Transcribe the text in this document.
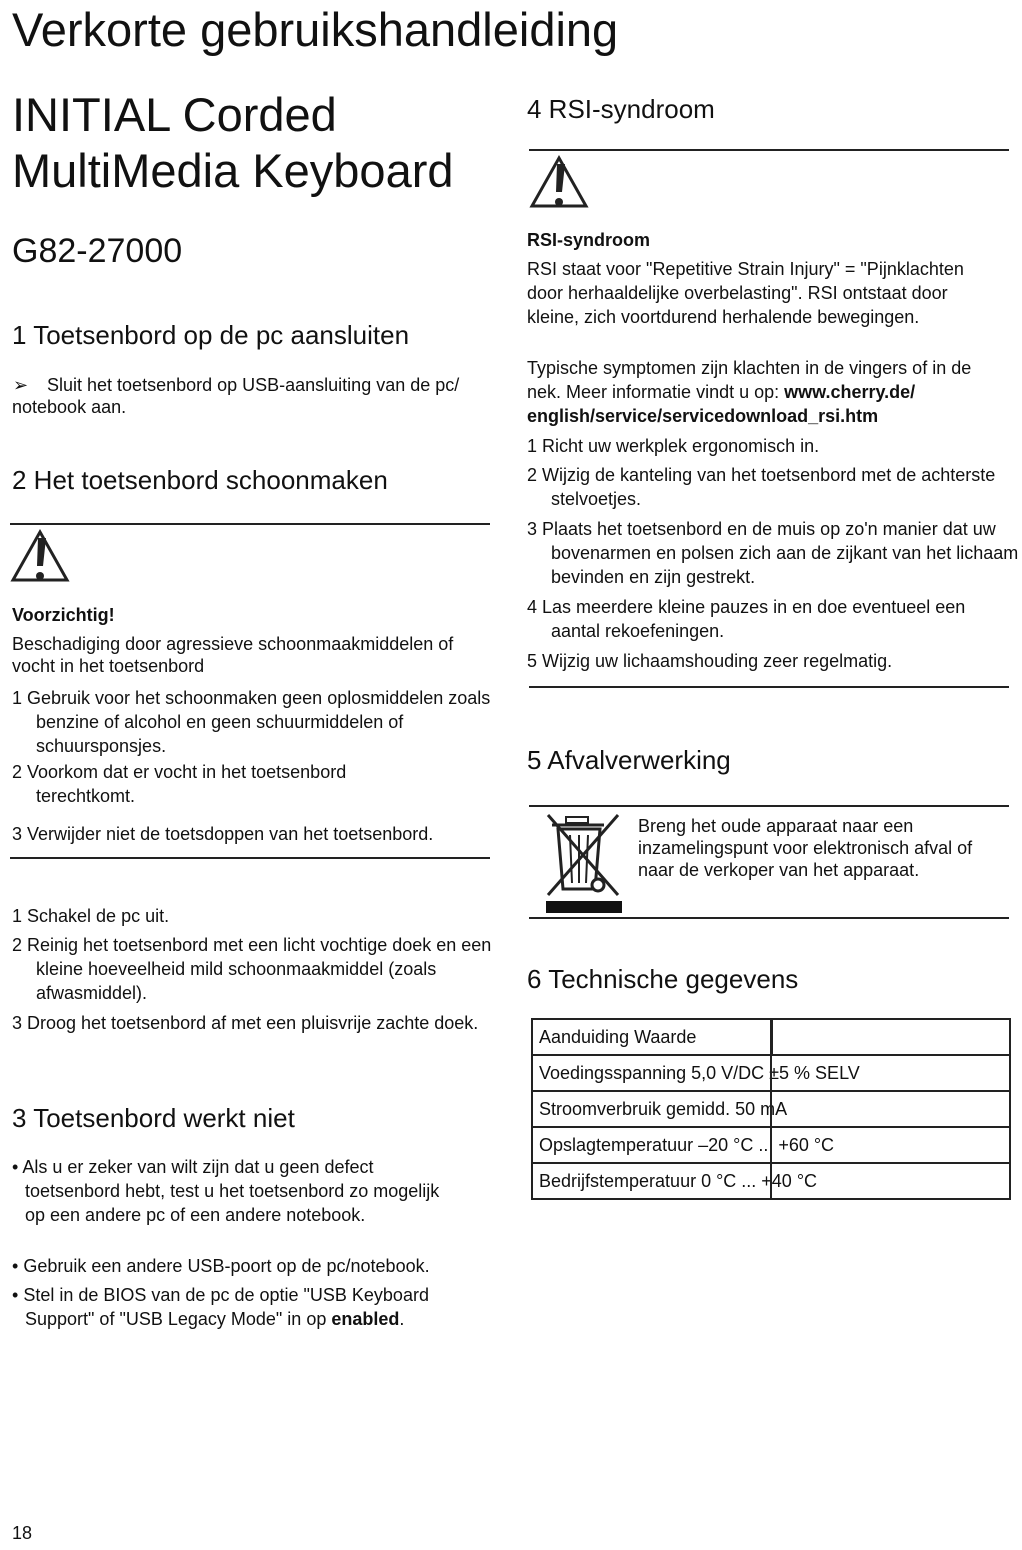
Verkorte gebruikshandleiding
INITIAL Corded
MultiMedia Keyboard
G82-27000
1 Toetsenbord op de pc aansluiten
➢ Sluit het toetsenbord op USB-aansluiting van de pc/ notebook aan.
2 Het toetsenbord schoonmaken
Voorzichtig!
Beschadiging door agressieve schoonmaakmiddelen of vocht in het toetsenbord
1 Gebruik voor het schoonmaken geen oplosmiddelen zoals benzine of alcohol en geen schuurmiddelen of schuursponsjes.
2 Voorkom dat er vocht in het toetsenbord terechtkomt.
3 Verwijder niet de toetsdoppen van het toetsenbord.
1 Schakel de pc uit.
2 Reinig het toetsenbord met een licht vochtige doek en een kleine hoeveelheid mild schoonmaakmiddel (zoals afwasmiddel).
3 Droog het toetsenbord af met een pluisvrije zachte doek.
3 Toetsenbord werkt niet
• Als u er zeker van wilt zijn dat u geen defect toetsenbord hebt, test u het toetsenbord zo mogelijk op een andere pc of een andere notebook.
• Gebruik een andere USB-poort op de pc/notebook.
• Stel in de BIOS van de pc de optie "USB Keyboard Support" of "USB Legacy Mode" in op enabled.
4 RSI-syndroom
RSI-syndroom
RSI staat voor "Repetitive Strain Injury" = "Pijnklachten door herhaaldelijke overbelasting". RSI ontstaat door kleine, zich voortdurend herhalende bewegingen.
Typische symptomen zijn klachten in de vingers of in de nek. Meer informatie vindt u op: www.cherry.de/ english/service/servicedownload_rsi.htm
1 Richt uw werkplek ergonomisch in.
2 Wijzig de kanteling van het toetsenbord met de achterste stelvoetjes.
3 Plaats het toetsenbord en de muis op zo'n manier dat uw bovenarmen en polsen zich aan de zijkant van het lichaam bevinden en zijn gestrekt.
4 Las meerdere kleine pauzes in en doe eventueel een aantal rekoefeningen.
5 Wijzig uw lichaamshouding zeer regelmatig.
5 Afvalverwerking
Breng het oude apparaat naar een inzamelingspunt voor elektronisch afval of naar de verkoper van het apparaat.
6 Technische gegevens
Aanduiding Waarde	
Voedingsspanning 5,0 V/DC ±5 % SELV
Stroomverbruik gemidd. 50 mA
Opslagtemperatuur –20 °C ... +60 °C
Bedrijfstemperatuur 0 °C ... +40 °C
18
